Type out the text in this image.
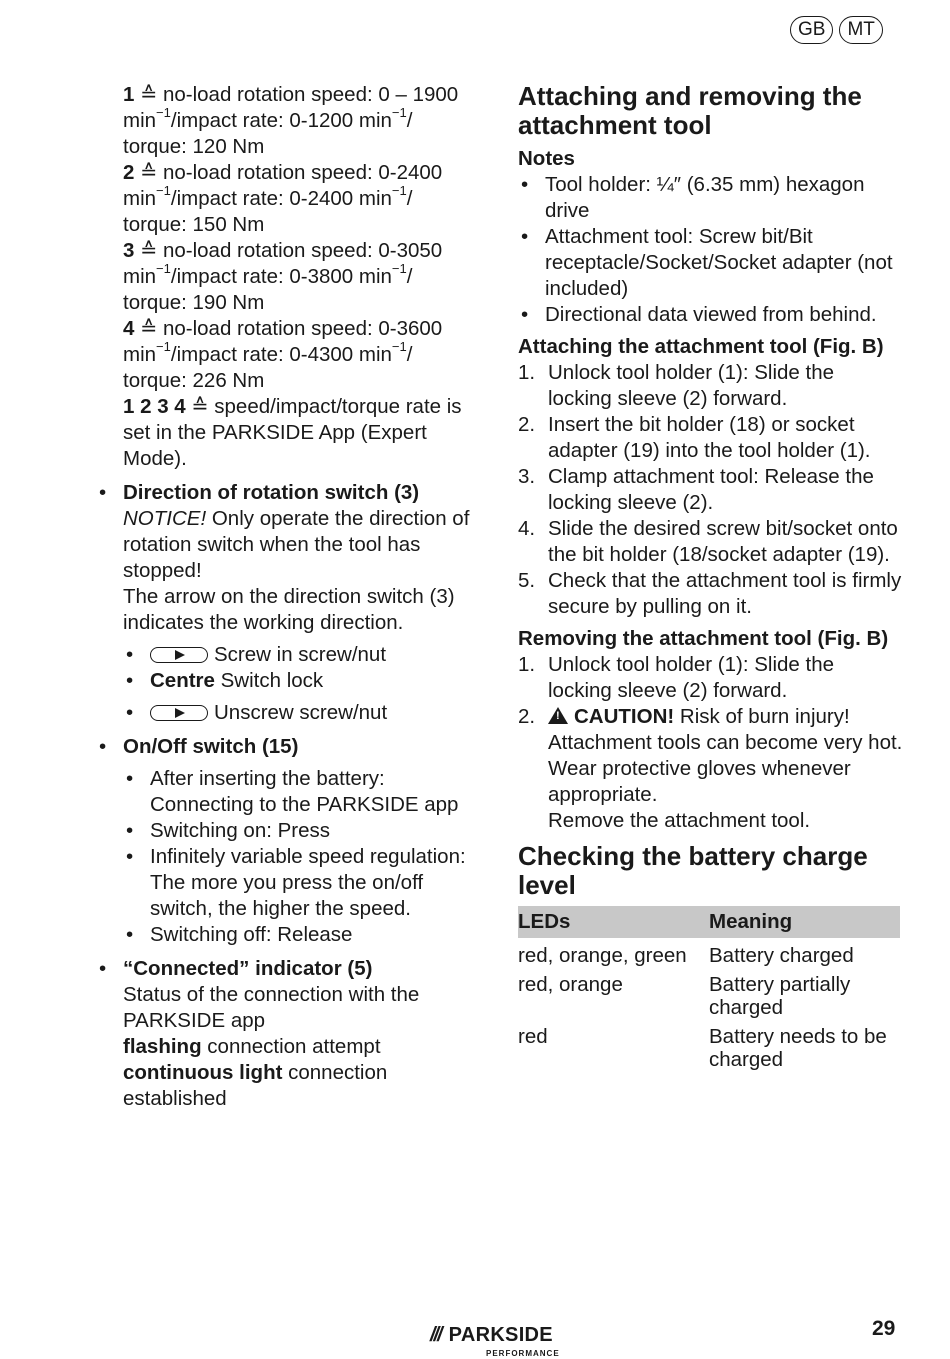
GB	MT
1 ≙ no-load rotation speed: 0 – 1900
$\min^{-1}$/impact rate: 0-1200 $\min^{-1}/$
torque: 120 Nm
2 ≙ no-load rotation speed: 0-2400
$\min^{-1}$/impact rate: 0-2400 $\min^{-1}/$
torque: 150 Nm
3 ≙ no-load rotation speed: 0-3050
$\min^{-1}$/impact rate: 0-3800 $\min^{-1}/$
torque: 190 Nm
4 ≙ no-load rotation speed: 0-3600
$\min^{-1}$/impact rate: 0-4300 $\min^{-1}/$
torque: 226 Nm

1 2 3 4 ≙ speed/impact/torque rate is set in the PARKSIDE App (Expert Mode).

• Direction of rotation switch (3)

NOTICE! Only operate the direction of rotation switch when the tool has stopped!

The arrow on the direction switch (3) indicates the working direction.

•	Screw in screw/nut
• Centre Switch lock
•	Unscrew screw/nut
• On/Off switch (15)

• After inserting the battery: Connecting to the PARKSIDE app
• Switching on: Press
• Infinitely variable speed regulation: The more you press the on/off switch, the higher the speed.
• Switching off: Release
• “Connected” indicator (5)

Status of the connection with the PARKSIDE app

flashing connection attempt

continuous light connection established

Attaching and removing the attachment tool
Notes
• Tool holder: ¼″ (6.35 mm) hexagon drive
• Attachment tool: Screw bit/Bit receptacle/Socket/Socket adapter (not included)
• Directional data viewed from behind.
Attaching the attachment tool (Fig. B)
1. Unlock tool holder (1): Slide the locking sleeve (2) forward.
2. Insert the bit holder (18) or socket adapter (19) into the tool holder (1).
3. Clamp attachment tool: Release the locking sleeve (2).
4. Slide the desired screw bit/socket onto the bit holder (18/socket adapter (19).
5. Check that the attachment tool is firmly secure by pulling on it.
Removing the attachment tool (Fig. B)
1. Unlock tool holder (1): Slide the locking sleeve (2) forward.
2. ! CAUTION! Risk of burn injury! Attachment tools can become very hot. Wear protective gloves whenever appropriate.
Remove the attachment tool.
Checking the battery charge level
LEDs	Meaning
red, orange, green	Battery charged
red, orange	Battery partially charged
red	Battery needs to be charged
/// PARKSIDE
PERFORMANCE
29
